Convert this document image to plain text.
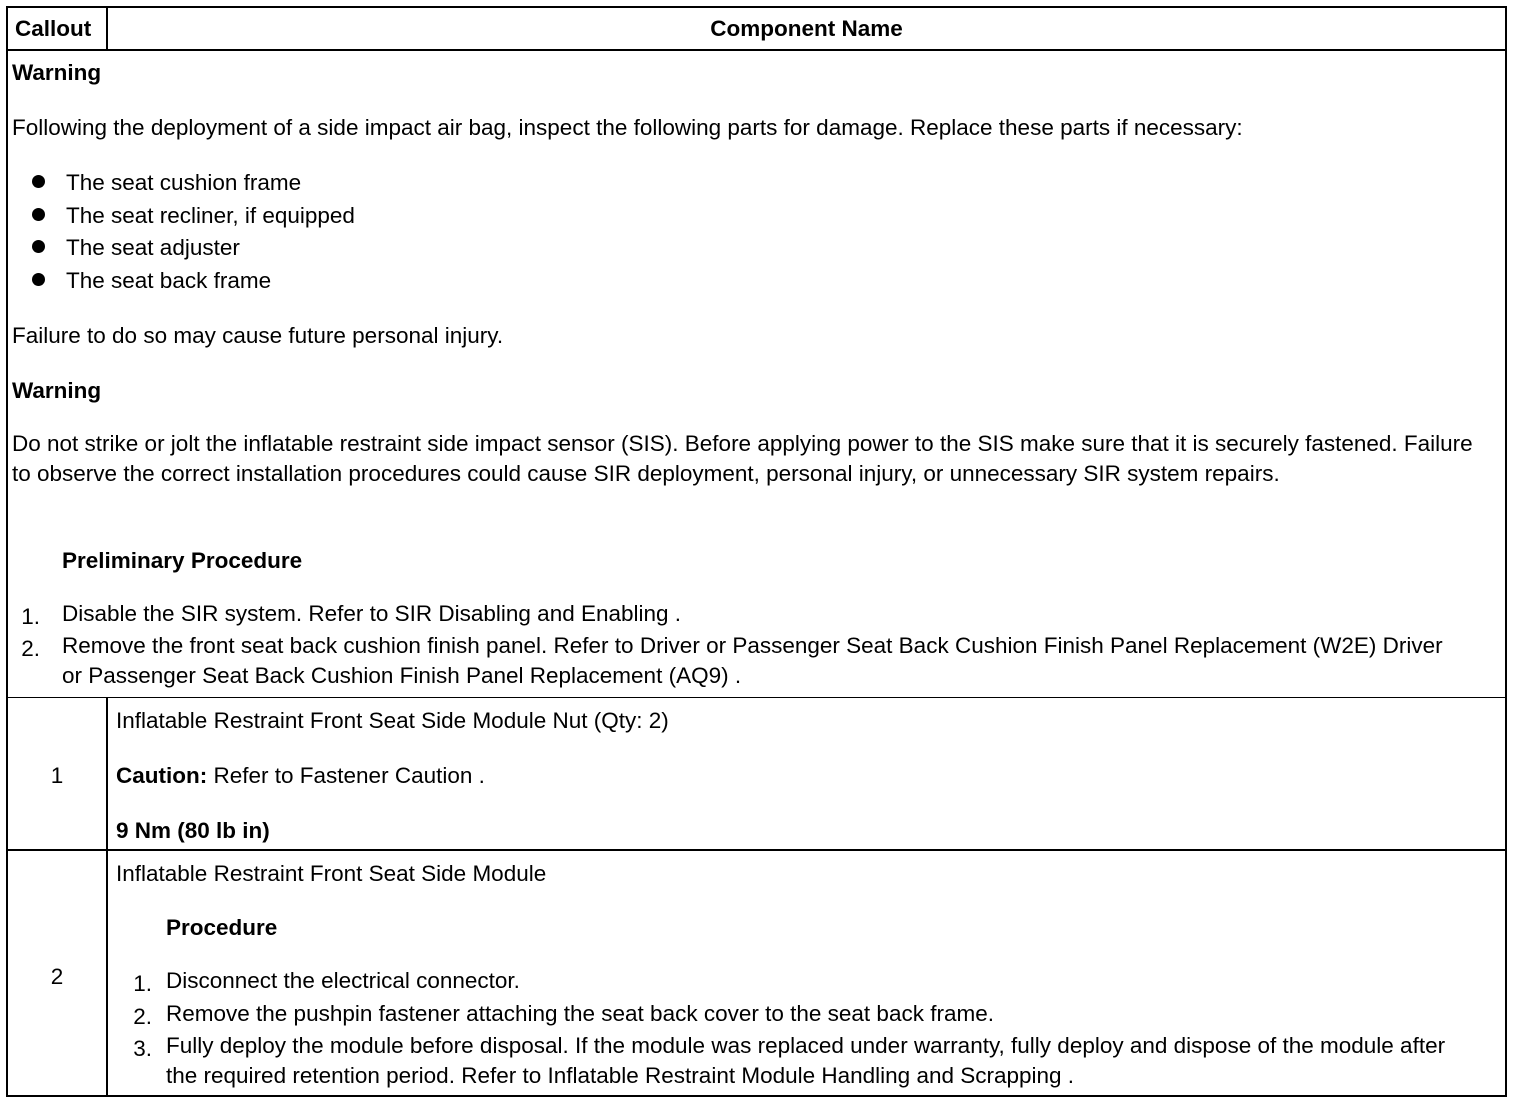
Callout	Component Name
Warning
Following the deployment of a side impact air bag, inspect the following parts for damage. Replace these parts if necessary:
The seat cushion frame
The seat recliner, if equipped
The seat adjuster
The seat back frame
Failure to do so may cause future personal injury.
Warning
Do not strike or jolt the inflatable restraint side impact sensor (SIS). Before applying power to the SIS make sure that it is securely fastened. Failure to observe the correct installation procedures could cause SIR deployment, personal injury, or unnecessary SIR system repairs.
Preliminary Procedure
1. Disable the SIR system. Refer to SIR Disabling and Enabling .
2. Remove the front seat back cushion finish panel. Refer to Driver or Passenger Seat Back Cushion Finish Panel Replacement (W2E) Driver or Passenger Seat Back Cushion Finish Panel Replacement (AQ9) .
1
Inflatable Restraint Front Seat Side Module Nut (Qty: 2)
Caution: Refer to Fastener Caution .
9 Nm (80 lb in)
2
Inflatable Restraint Front Seat Side Module
Procedure
1. Disconnect the electrical connector.
2. Remove the pushpin fastener attaching the seat back cover to the seat back frame.
3. Fully deploy the module before disposal. If the module was replaced under warranty, fully deploy and dispose of the module after the required retention period. Refer to Inflatable Restraint Module Handling and Scrapping .
